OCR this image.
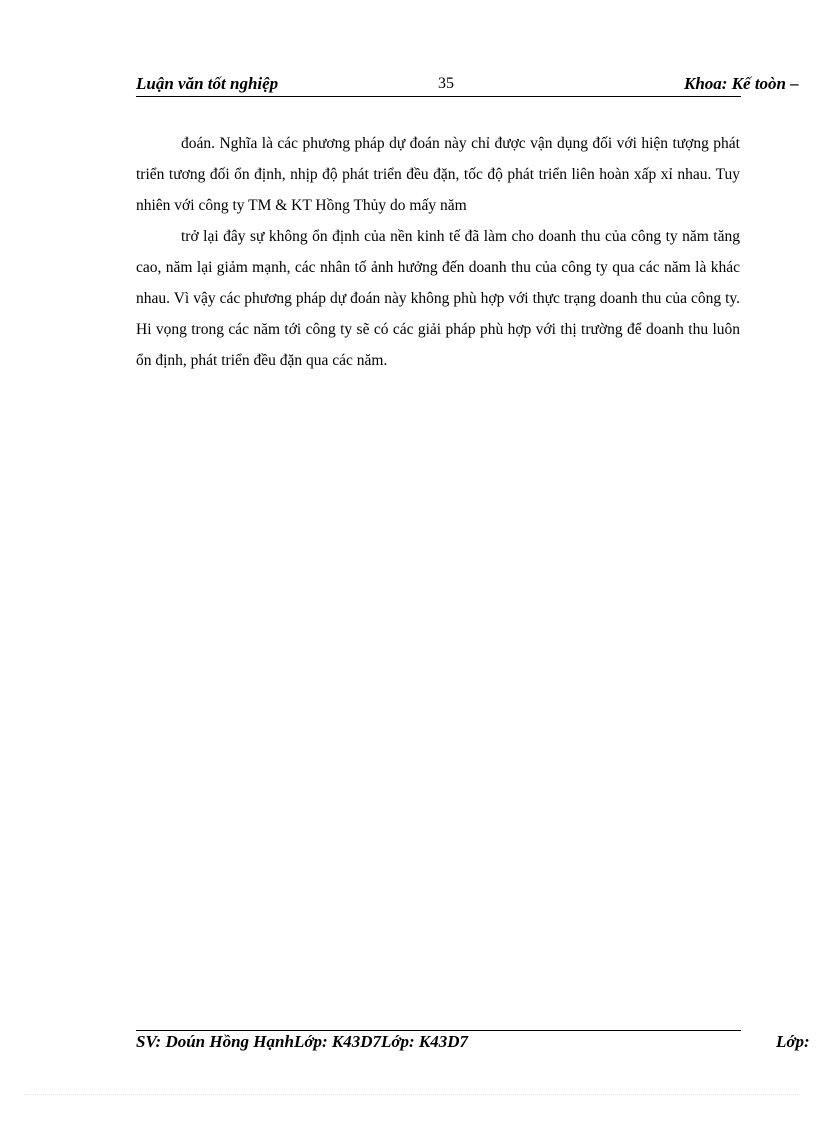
Luận văn tốt nghiệp	35	Khoa: Kế toòn –

đoán. Nghĩa là các phương pháp dự đoán này chỉ được vận dụng đối với hiện tượng phát triển tương đối ổn định, nhịp độ phát triển đều đặn, tốc độ phát triển liên hoàn xấp xỉ nhau. Tuy nhiên với công ty TM & KT Hồng Thủy do mấy năm

trở lại đây sự không ổn định của nền kinh tế đã làm cho doanh thu của công ty năm tăng cao, năm lại giảm mạnh, các nhân tố ảnh hưởng đến doanh thu của công ty qua các năm là khác nhau. Vì vậy các phương pháp dự đoán này không phù hợp với thực trạng doanh thu của công ty. Hi vọng trong các năm tới công ty sẽ có các giải pháp phù hợp với thị trường để doanh thu luôn ổn định, phát triển đều đặn qua các năm.

SV: Doún Hồng HạnhLớp: K43D7Lớp: K43D7	Lớp:
